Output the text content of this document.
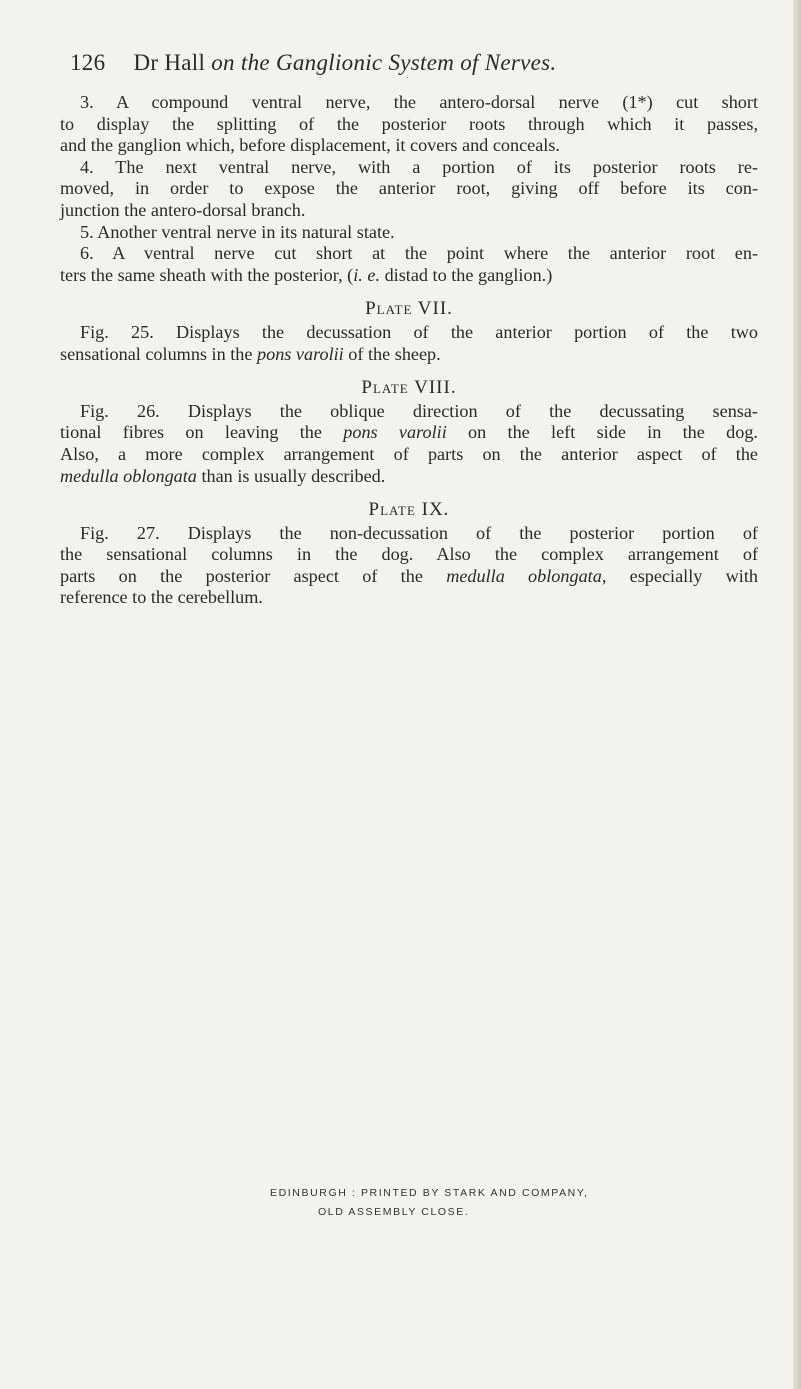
126 Dr Hall on the Ganglionic System of Nerves.
3. A compound ventral nerve, the antero-dorsal nerve (1*) cut short
to display the splitting of the posterior roots through which it passes,
and the ganglion which, before displacement, it covers and conceals.
4. The next ventral nerve, with a portion of its posterior roots re-
moved, in order to expose the anterior root, giving off before its con-
junction the antero-dorsal branch.
5. Another ventral nerve in its natural state.
6. A ventral nerve cut short at the point where the anterior root en-
ters the same sheath with the posterior, (i. e. distad to the ganglion.)
Plate VII.
Fig. 25. Displays the decussation of the anterior portion of the two
sensational columns in the pons varolii of the sheep.
Plate VIII.
Fig. 26. Displays the oblique direction of the decussating sensa-
tional fibres on leaving the pons varolii on the left side in the dog.
Also, a more complex arrangement of parts on the anterior aspect of the
medulla oblongata than is usually described.
Plate IX.
Fig. 27. Displays the non-decussation of the posterior portion of
the sensational columns in the dog. Also the complex arrangement of
parts on the posterior aspect of the medulla oblongata, especially with
reference to the cerebellum.
EDINBURGH : PRINTED BY STARK AND COMPANY,
OLD ASSEMBLY CLOSE.
